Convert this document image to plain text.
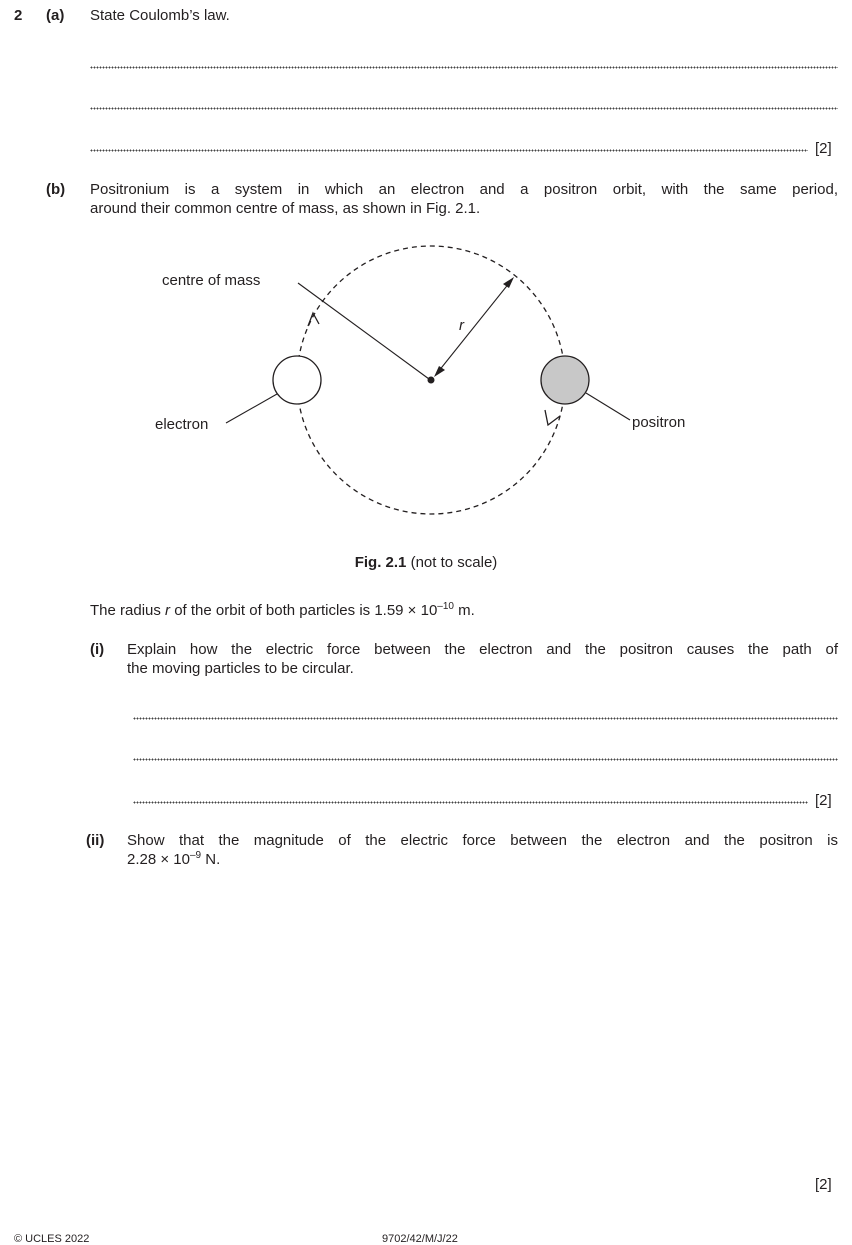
2 (a) State Coulomb’s law.
[2]
(b) Positronium is a system in which an electron and a positron orbit, with the same period,
around their common centre of mass, as shown in Fig. 2.1.
centre of mass
r
electron	positron
Fig. 2.1 (not to scale)
The radius r of the orbit of both particles is $1.59 \times 10^{-10}$ m.
(i) Explain how the electric force between the electron and the positron causes the path of
the moving particles to be circular.
[2]
(ii) Show that the magnitude of the electric force between the electron and the positron is
$2.28 \times 10^{-9}$ N.
[2]
© UCLES 2022	9702/42/M/J/22
